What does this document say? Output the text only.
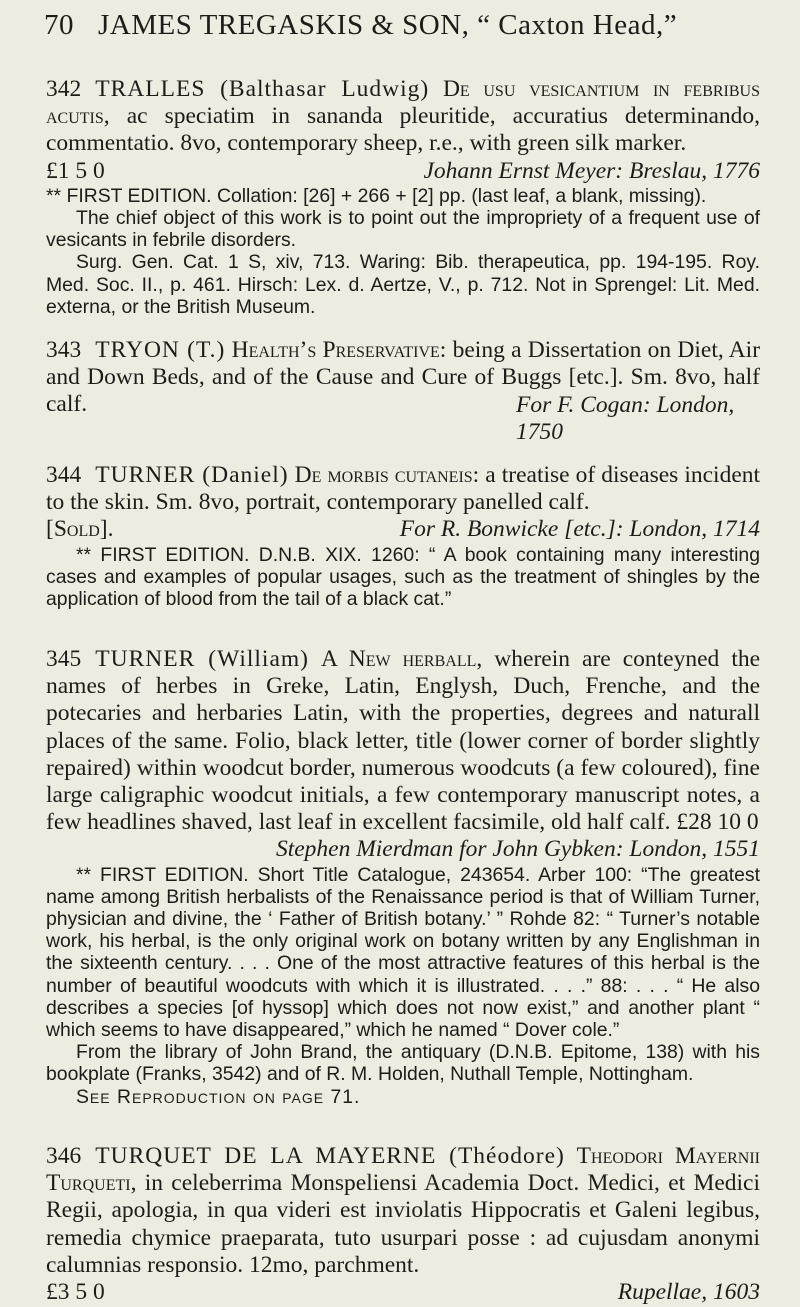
70 JAMES TREGASKIS & SON, “ Caxton Head,”
342 TRALLES (Balthasar Ludwig) De usu vesicantium in febribus acutis, ac speciatim in sananda pleuritide, accuratius determinando, commentatio. 8vo, contemporary sheep, r.e., with green silk marker.
£1 5 0	Johann Ernst Meyer: Breslau, 1776
** FIRST EDITION. Collation: [26] + 266 + [2] pp. (last leaf, a blank, missing).
The chief object of this work is to point out the impropriety of a frequent use of vesicants in febrile disorders.
Surg. Gen. Cat. 1 S, xiv, 713. Waring: Bib. therapeutica, pp. 194-195. Roy. Med. Soc. II., p. 461. Hirsch: Lex. d. Aertze, V., p. 712. Not in Sprengel: Lit. Med. externa, or the British Museum.
343 TRYON (T.) Health’s Preservative: being a Dissertation on Diet, Air and Down Beds, and of the Cause and Cure of Buggs [etc.]. Sm. 8vo, half calf.	For F. Cogan: London, 1750
344 TURNER (Daniel) De morbis cutaneis: a treatise of diseases incident to the skin. Sm. 8vo, portrait, contemporary panelled calf.
[Sold].	For R. Bonwicke [etc.]: London, 1714
** FIRST EDITION. D.N.B. XIX. 1260: “ A book containing many interesting cases and examples of popular usages, such as the treatment of shingles by the application of blood from the tail of a black cat.”
345 TURNER (William) A New herball, wherein are conteyned the names of herbes in Greke, Latin, Englysh, Duch, Frenche, and the potecaries and herbaries Latin, with the properties, degrees and naturall places of the same. Folio, black letter, title (lower corner of border slightly repaired) within woodcut border, numerous woodcuts (a few coloured), fine large caligraphic woodcut initials, a few contemporary manuscript notes, a few headlines shaved, last leaf in excellent facsimile, old half calf. £28 10 0
Stephen Mierdman for John Gybken: London, 1551
** FIRST EDITION. Short Title Catalogue, 243654. Arber 100: “The greatest name among British herbalists of the Renaissance period is that of William Turner, physician and divine, the ‘ Father of British botany.’ ” Rohde 82: “ Turner’s notable work, his herbal, is the only original work on botany written by any Englishman in the sixteenth century. . . . One of the most attractive features of this herbal is the number of beautiful woodcuts with which it is illustrated. . . .” 88: . . . “ He also describes a species [of hyssop] which does not now exist,” and another plant “ which seems to have disappeared,” which he named “ Dover cole.”
From the library of John Brand, the antiquary (D.N.B. Epitome, 138) with his bookplate (Franks, 3542) and of R. M. Holden, Nuthall Temple, Nottingham.
See Reproduction on page 71.
346 TURQUET DE LA MAYERNE (Théodore) Theodori Mayernii Turqueti, in celeberrima Monspeliensi Academia Doct. Medici, et Medici Regii, apologia, in qua videri est inviolatis Hippocratis et Galeni legibus, remedia chymice praeparata, tuto usurpari posse : ad cujusdam anonymi calumnias responsio. 12mo, parchment.
£3 5 0	Rupellae, 1603
